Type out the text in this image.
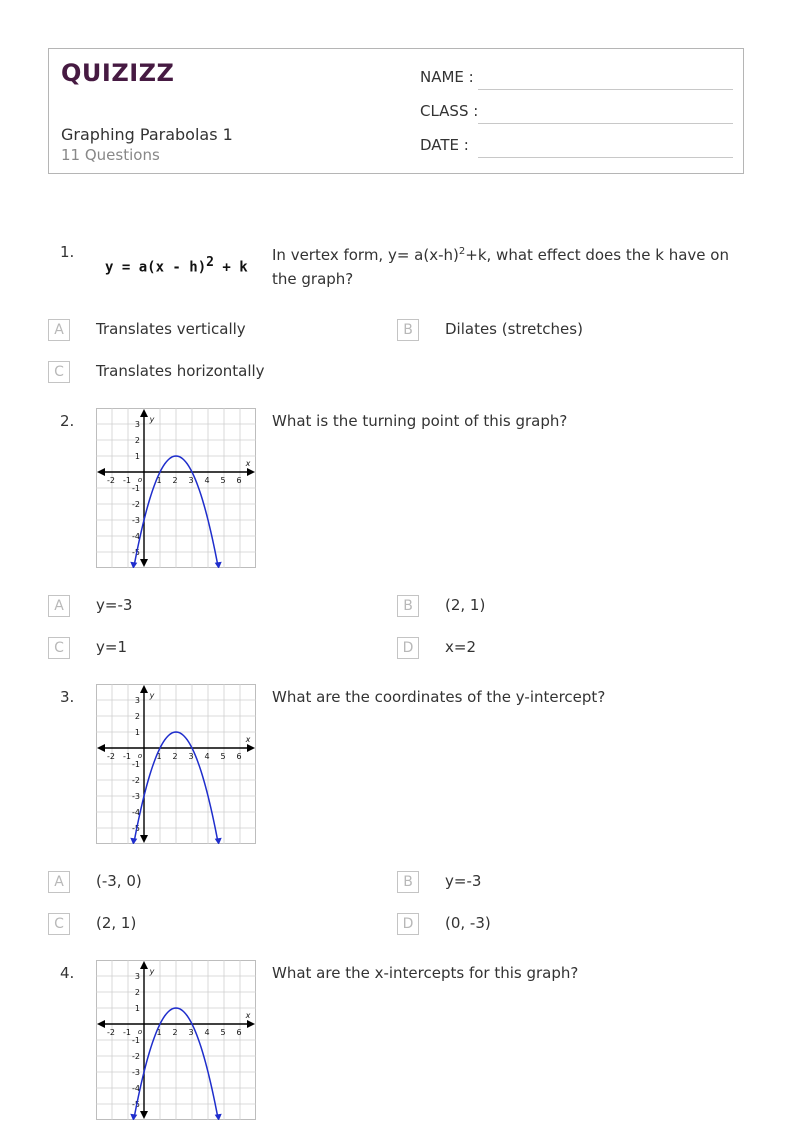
QUIZIZZ
Graphing Parabolas 1
11 Questions
NAME :
CLASS :
DATE :
1.
y = a(x - h)$^2$ + k
In vertex form, $y= a(x-h)^2+k$, what effect does the k have on the graph?
A	Translates vertically	B	Dilates (stretches)
C	Translates horizontally
2.
-2 -1	1 2 3 4 5 6
3
2
1
-1
-2
-3
-4
-5
x
y
o
What is the turning point of this graph?
A	y=-3	B	(2, 1)
C	y=1	D	x=2
3.
-2 -1	1 2 3 4 5 6
3
2
1
-1
-2
-3
-4
-5
x
y
o
What are the coordinates of the y-intercept?
A	(-3, 0)	B	y=-3
C	(2, 1)	D	(0, -3)
4.
-2 -1	1 2 3 4 5 6
3
2
1
-1
-2
-3
-4
-5
x
y
o
What are the x-intercepts for this graph?
